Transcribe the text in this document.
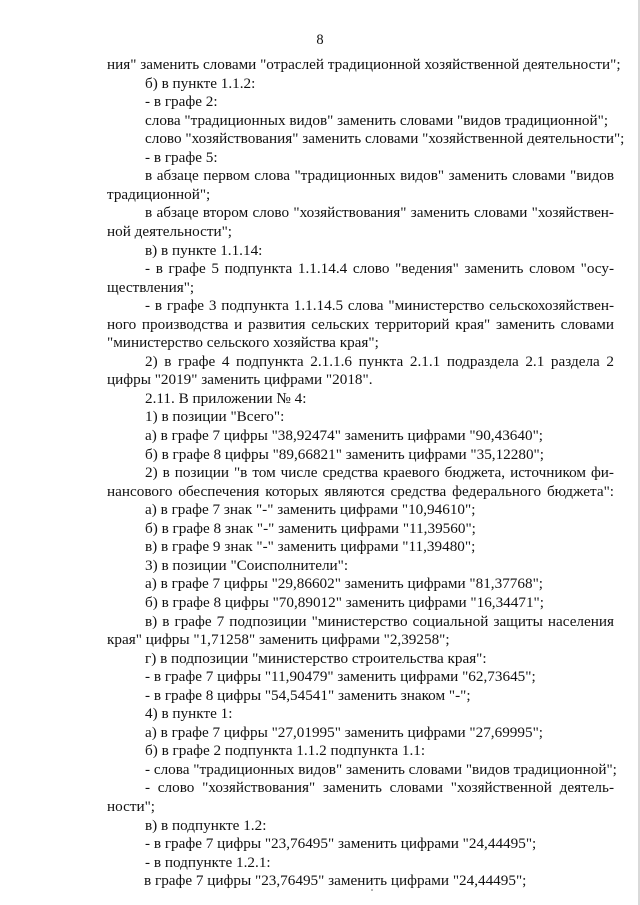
8
ния" заменить словами "отраслей традиционной хозяйственной деятельности";
б) в пункте 1.1.2:
- в графе 2:
слова "традиционных видов" заменить словами "видов традиционной";
слово "хозяйствования" заменить словами "хозяйственной деятельности";
- в графе 5:
в абзаце первом слова "традиционных видов" заменить словами "видов
традиционной";
в абзаце втором слово "хозяйствования" заменить словами "хозяйствен-
ной деятельности";
в) в пункте 1.1.14:
- в графе 5 подпункта 1.1.14.4 слово "ведения" заменить словом "осу-
ществления";
- в графе 3 подпункта 1.1.14.5 слова "министерство сельскохозяйствен-
ного производства и развития сельских территорий края" заменить словами
"министерство сельского хозяйства края";
2) в графе 4 подпункта 2.1.1.6 пункта 2.1.1 подраздела 2.1 раздела 2
цифры "2019" заменить цифрами "2018".
2.11. В приложении № 4:
1) в позиции "Всего":
а) в графе 7 цифры "38,92474" заменить цифрами "90,43640";
б) в графе 8 цифры "89,66821" заменить цифрами "35,12280";
2) в позиции "в том числе средства краевого бюджета, источником фи-
нансового обеспечения которых являются средства федерального бюджета":
а) в графе 7 знак "-" заменить цифрами "10,94610";
б) в графе 8 знак "-" заменить цифрами "11,39560";
в) в графе 9 знак "-" заменить цифрами "11,39480";
3) в позиции "Соисполнители":
а) в графе 7 цифры "29,86602" заменить цифрами "81,37768";
б) в графе 8 цифры "70,89012" заменить цифрами "16,34471";
в) в графе 7 подпозиции "министерство социальной защиты населения
края" цифры "1,71258" заменить цифрами "2,39258";
г) в подпозиции "министерство строительства края":
- в графе 7 цифры "11,90479" заменить цифрами "62,73645";
- в графе 8 цифры "54,54541" заменить знаком "-";
4) в пункте 1:
а) в графе 7 цифры "27,01995" заменить цифрами "27,69995";
б) в графе 2 подпункта 1.1.2 подпункта 1.1:
- слова "традиционных видов" заменить словами "видов традиционной";
- слово "хозяйствования" заменить словами "хозяйственной деятель-
ности";
в) в подпункте 1.2:
- в графе 7 цифры "23,76495" заменить цифрами "24,44495";
- в подпункте 1.2.1:
в графе 7 цифры "23,76495" заменить цифрами "24,44495";
